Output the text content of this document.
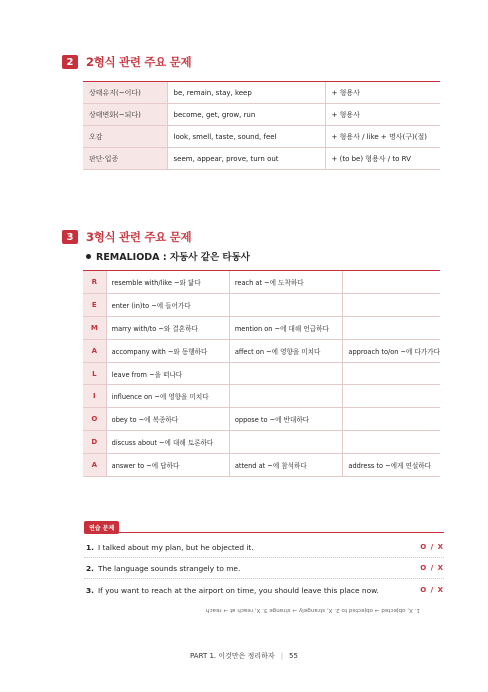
2	2형식 관련 주요 문제
상태유지(~이다)	be, remain, stay, keep	+ 형용사
상태변화(~되다)	become, get, grow, run	+ 형용사
오감	look, smell, taste, sound, feel	+ 형용사 / like + 명사(구)(절)
판단·입증	seem, appear, prove, turn out	+ (to be) 형용사 / to RV
3	3형식 관련 주요 문제
REMALIODA : 자동사 같은 타동사
R	resemble with/like ~와 닮다	reach at ~에 도착하다	
E	enter (in)to ~에 들어가다		
M	marry with/to ~와 결혼하다	mention on ~에 대해 언급하다	
A	accompany with ~와 동행하다	affect on ~에 영향을 미치다	approach to/on ~에 다가가다
L	leave from ~을 떠나다		
I	influence on ~에 영향을 미치다		
O	obey to ~에 복종하다	oppose to ~에 반대하다	
D	discuss about ~에 대해 토론하다		
A	answer to ~에 답하다	attend at ~에 참석하다	address to ~에게 연설하다
연습 문제
1. I talked about my plan, but he objected it.	O / X
2. The language sounds strangely to me.	O / X
3. If you want to reach at the airport on time, you should leave this place now.	O / X
1. X, objected → objected to 2. X, strangely → strange 3. X, reach at → reach
PART 1. 이것만은 정리하자 | 55
